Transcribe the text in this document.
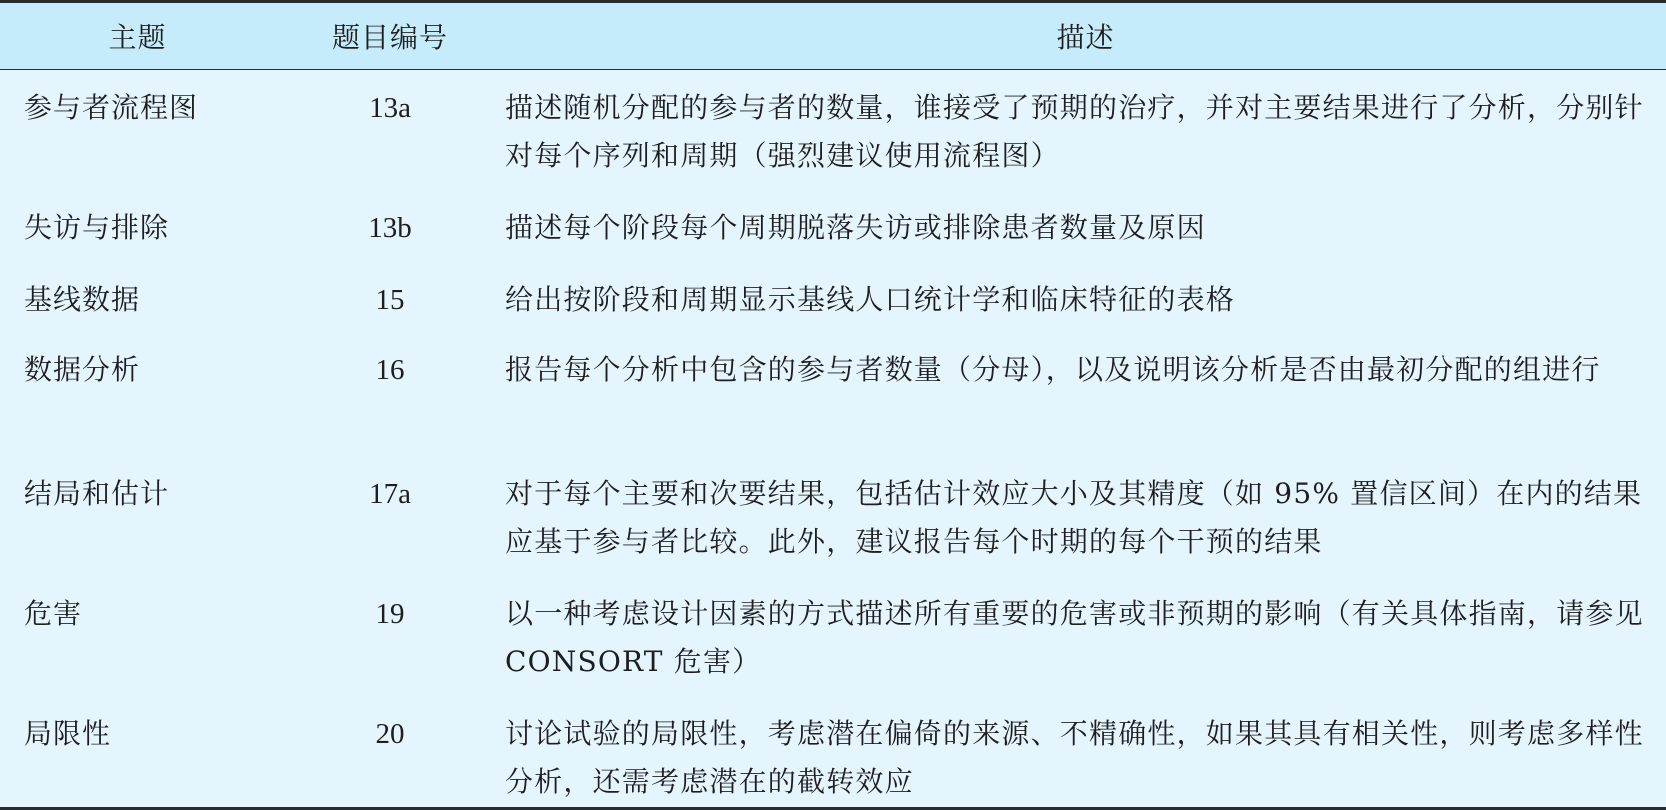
主题	题目编号	描述
参与者流程图	13a	描述随机分配的参与者的数量，谁接受了预期的治疗，并对主要结果进行了分析，分别针对每个序列和周期（强烈建议使用流程图）
失访与排除	13b	描述每个阶段每个周期脱落失访或排除患者数量及原因
基线数据	15	给出按阶段和周期显示基线人口统计学和临床特征的表格
数据分析	16	报告每个分析中包含的参与者数量（分母），以及说明该分析是否由最初分配的组进行
结局和估计	17a	对于每个主要和次要结果，包括估计效应大小及其精度（如 95% 置信区间）在内的结果应基于参与者比较。此外，建议报告每个时期的每个干预的结果
危害	19	以一种考虑设计因素的方式描述所有重要的危害或非预期的影响（有关具体指南，请参见 CONSORT 危害）
局限性	20	讨论试验的局限性，考虑潜在偏倚的来源、不精确性，如果其具有相关性，则考虑多样性分析，还需考虑潜在的截转效应
